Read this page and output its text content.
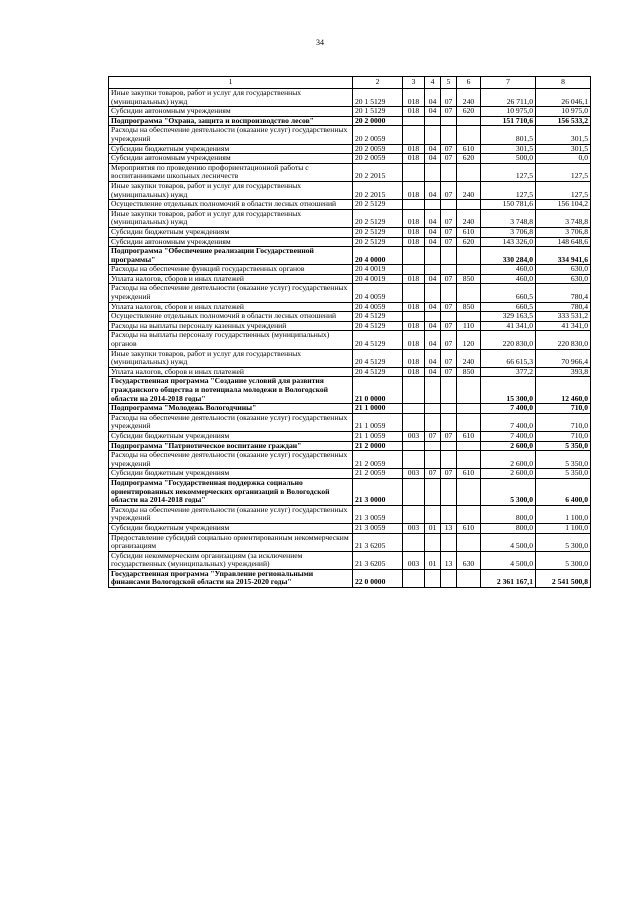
34
1	2	3	4	5	6	7	8
Иные закупки товаров, работ и услуг для государственных (муниципальных) нужд	20 1 5129	018	04	07	240	26 711,0	26 046,1
Субсидии автономным учреждениям	20 1 5129	018	04	07	620	10 975,0	10 975,0
Подпрограмма "Охрана, защита и воспроизводство лесов"	20 2 0000					151 710,6	156 533,2
Расходы на обеспечение деятельности (оказание услуг) государственных учреждений	20 2 0059					801,5	301,5
Субсидии бюджетным учреждениям	20 2 0059	018	04	07	610	301,5	301,5
Субсидии автономным учреждениям	20 2 0059	018	04	07	620	500,0	0,0
Мероприятия по проведению профориентационной работы с воспитанниками школьных лесничеств	20 2 2015					127,5	127,5
Иные закупки товаров, работ и услуг для государственных (муниципальных) нужд	20 2 2015	018	04	07	240	127,5	127,5
Осуществление отдельных полномочий в области лесных отношений	20 2 5129					150 781,6	156 104,2
Иные закупки товаров, работ и услуг для государственных (муниципальных) нужд	20 2 5129	018	04	07	240	3 748,8	3 748,8
Субсидии бюджетным учреждениям	20 2 5129	018	04	07	610	3 706,8	3 706,8
Субсидии автономным учреждениям	20 2 5129	018	04	07	620	143 326,0	148 648,6
Подпрограмма "Обеспечение реализации Государственной программы"	20 4 0000					330 284,0	334 941,6
Расходы на обеспечение функций государственных органов	20 4 0019					460,0	630,0
Уплата налогов, сборов и иных платежей	20 4 0019	018	04	07	850	460,0	630,0
Расходы на обеспечение деятельности (оказание услуг) государственных учреждений	20 4 0059					660,5	780,4
Уплата налогов, сборов и иных платежей	20 4 0059	018	04	07	850	660,5	780,4
Осуществление отдельных полномочий в области лесных отношений	20 4 5129					329 163,5	333 531,2
Расходы на выплаты персоналу казенных учреждений	20 4 5129	018	04	07	110	41 341,0	41 341,0
Расходы на выплаты персоналу государственных (муниципальных) органов	20 4 5129	018	04	07	120	220 830,0	220 830,0
Иные закупки товаров, работ и услуг для государственных (муниципальных) нужд	20 4 5129	018	04	07	240	66 615,3	70 966,4
Уплата налогов, сборов и иных платежей	20 4 5129	018	04	07	850	377,2	393,8
Государственная программа "Создание условий для развития гражданского общества и потенциала молодежи в Вологодской области на 2014-2018 годы"	21 0 0000					15 300,0	12 460,0
Подпрограмма "Молодежь Вологодчины"	21 1 0000					7 400,0	710,0
Расходы на обеспечение деятельности (оказание услуг) государственных учреждений	21 1 0059					7 400,0	710,0
Субсидии бюджетным учреждениям	21 1 0059	003	07	07	610	7 400,0	710,0
Подпрограмма "Патриотическое воспитание граждан"	21 2 0000					2 600,0	5 350,0
Расходы на обеспечение деятельности (оказание услуг) государственных учреждений	21 2 0059					2 600,0	5 350,0
Субсидии бюджетным учреждениям	21 2 0059	003	07	07	610	2 600,0	5 350,0
Подпрограмма "Государственная поддержка социально ориентированных некоммерческих организаций в Вологодской области на 2014-2018 годы"	21 3 0000					5 300,0	6 400,0
Расходы на обеспечение деятельности (оказание услуг) государственных учреждений	21 3 0059					800,0	1 100,0
Субсидии бюджетным учреждениям	21 3 0059	003	01	13	610	800,0	1 100,0
Предоставление субсидий социально ориентированным некоммерческим организациям	21 3 6205					4 500,0	5 300,0
Субсидии некоммерческим организациям (за исключением государственных (муниципальных) учреждений)	21 3 6205	003	01	13	630	4 500,0	5 300,0
Государственная программа "Управление региональными финансами Вологодской области на 2015-2020 годы"	22 0 0000					2 361 167,1	2 541 500,8
